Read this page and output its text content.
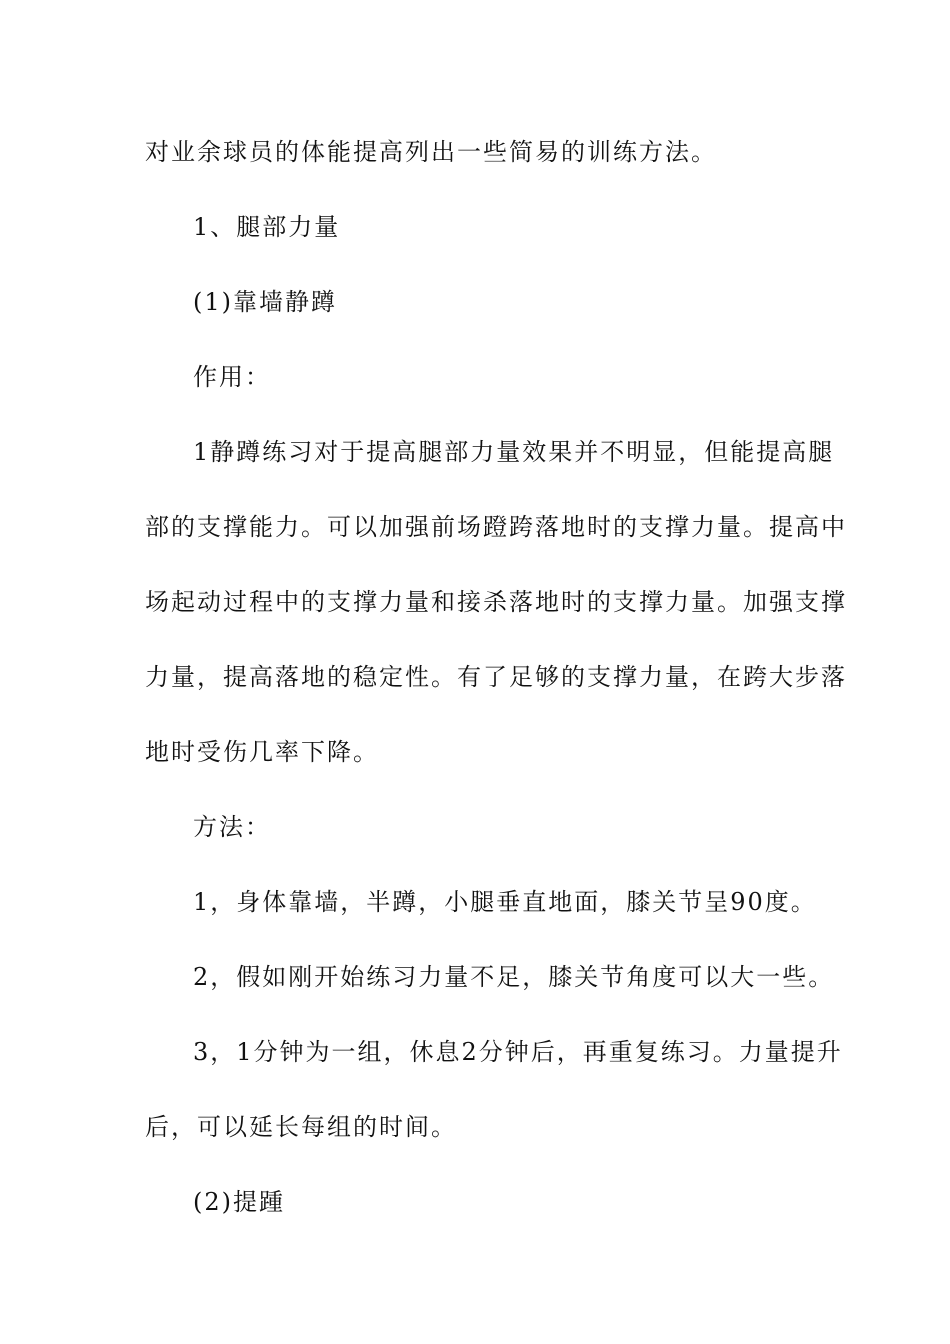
对业余球员的体能提高列出一些简易的训练方法。
1、腿部力量
(1)靠墙静蹲
作用：
1静蹲练习对于提高腿部力量效果并不明显，但能提高腿
部的支撑能力。可以加强前场蹬跨落地时的支撑力量。提高中
场起动过程中的支撑力量和接杀落地时的支撑力量。加强支撑
力量，提高落地的稳定性。有了足够的支撑力量，在跨大步落
地时受伤几率下降。
方法：
1，身体靠墙，半蹲，小腿垂直地面，膝关节呈90度。
2，假如刚开始练习力量不足，膝关节角度可以大一些。
3，1分钟为一组，休息2分钟后，再重复练习。力量提升
后，可以延长每组的时间。
(2)提踵
